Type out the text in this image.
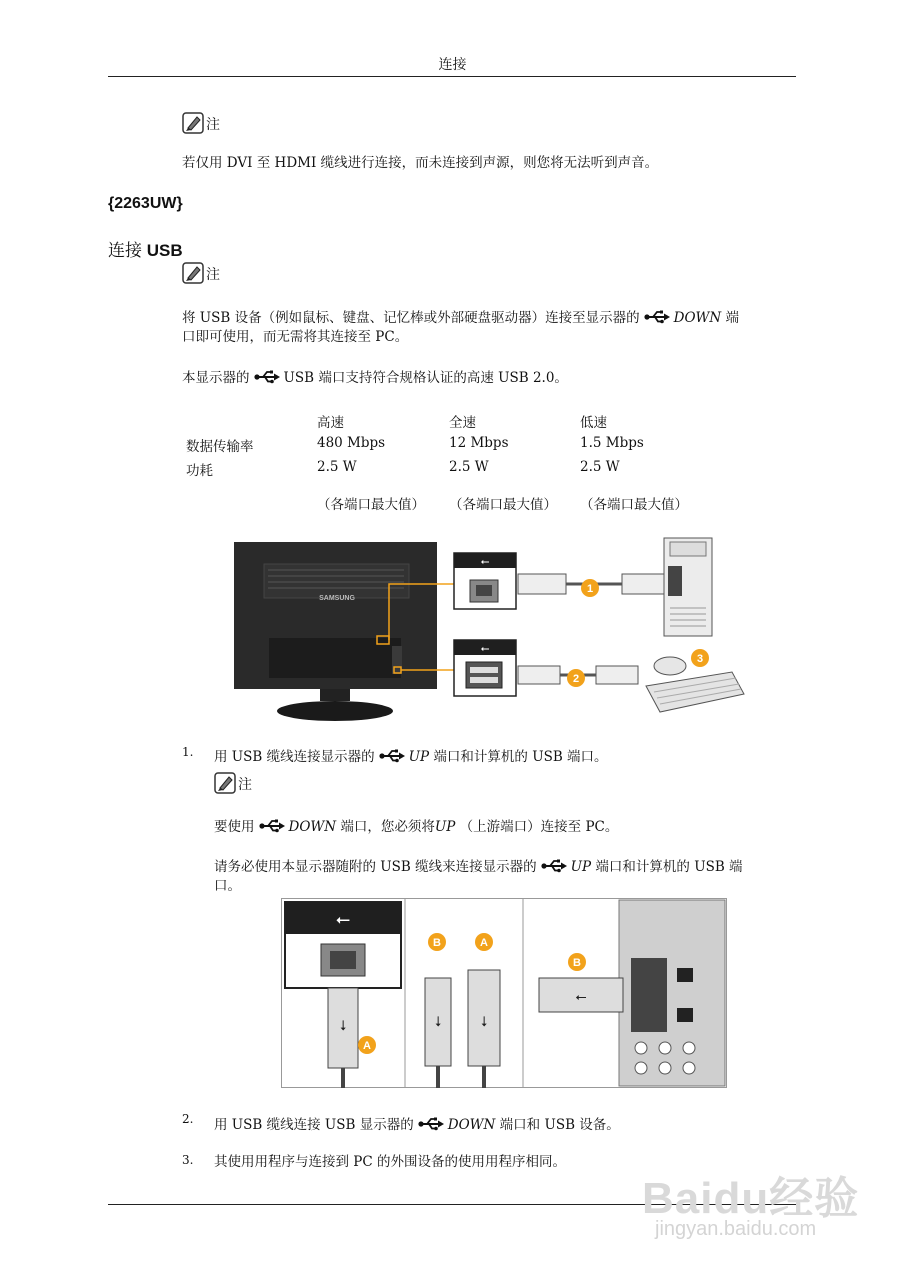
连接
注
若仅用 DVI 至 HDMI 缆线进行连接，而未连接到声源，则您将无法听到声音。
{2263UW}
连接 USB
注
将 USB 设备（例如鼠标、键盘、记忆棒或外部硬盘驱动器）连接至显示器的	DOWN 端
口即可使用，而无需将其连接至 PC。
本显示器的	USB 端口支持符合规格认证的高速 USB 2.0。
	高速	全速	低速
数据传输率	480 Mbps	12 Mbps	1.5 Mbps
功耗	2.5 W	2.5 W	2.5 W
	（各端口最大值）	（各端口最大值）	（各端口最大值）
SAMSUNG
⭠
1
⭠
2
3
1. 用 USB 缆线连接显示器的	UP 端口和计算机的 USB 端口。
注
要使用	DOWN 端口，您必须将UP （上游端口）连接至 PC。
请务必使用本显示器随附的 USB 缆线来连接显示器的	UP 端口和计算机的 USB 端
口。
⭠
⭣
A
B	A
⭣	⭣
⭠
B
2. 用 USB 缆线连接 USB 显示器的	DOWN 端口和 USB 设备。
3. 其使用用程序与连接到 PC 的外围设备的使用用程序相同。
Baidu经验
jingyan.baidu.com
